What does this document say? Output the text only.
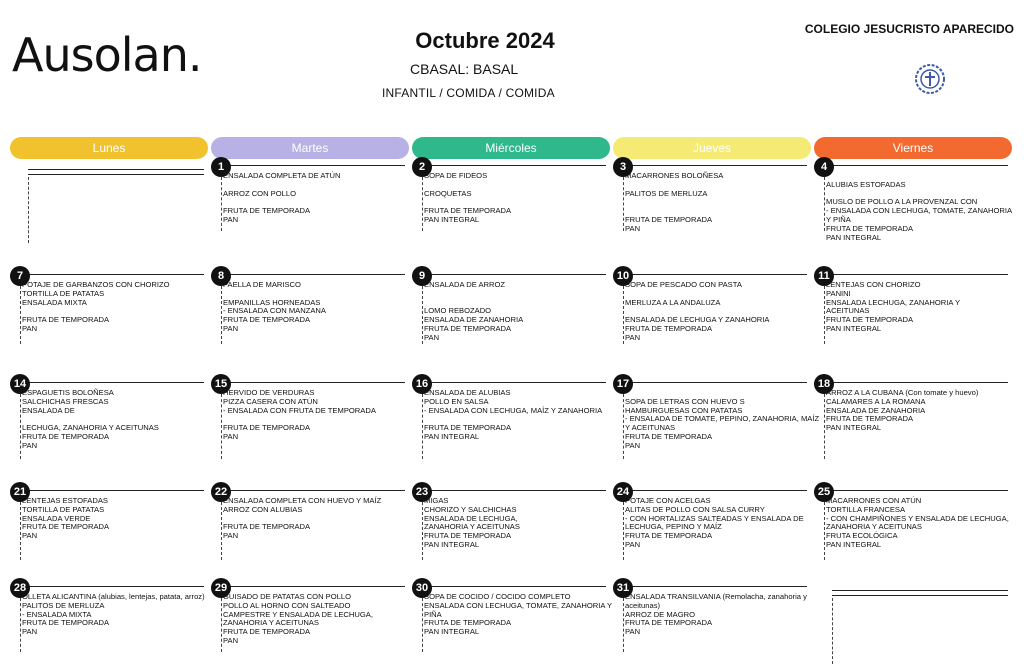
Ausolan.	Octubre 2024
CBASAL: BASAL
INFANTIL / COMIDA / COMIDA
COLEGIO JESUCRISTO APARECIDO
Lunes	Martes	Miércoles	Jueves	Viernes
1
ENSALADA COMPLETA DE ATÚN

ARROZ CON POLLO

FRUTA DE TEMPORADA
PAN
2
SOPA DE FIDEOS

CROQUETAS

FRUTA DE TEMPORADA
PAN INTEGRAL
3
MACARRONES BOLOÑESA

PALITOS DE MERLUZA

FRUTA DE TEMPORADA
PAN
4

ALUBIAS ESTOFADAS

MUSLO DE POLLO A LA PROVENZAL CON
- ENSALADA CON LECHUGA, TOMATE, ZANAHORIA
Y PIÑA
FRUTA DE TEMPORADA
PAN INTEGRAL
7
POTAJE DE GARBANZOS CON CHORIZO
TORTILLA DE PATATAS
ENSALADA MIXTA

FRUTA DE TEMPORADA
PAN
8
PAELLA DE MARISCO

EMPANILLAS HORNEADAS
- ENSALADA CON MANZANA
FRUTA DE TEMPORADA
PAN
9
ENSALADA DE ARROZ

LOMO REBOZADO
ENSALADA DE ZANAHORIA
FRUTA DE TEMPORADA
PAN
10
SOPA DE PESCADO CON PASTA

MERLUZA A LA ANDALUZA

ENSALADA DE LECHUGA Y ZANAHORIA
FRUTA DE TEMPORADA
PAN
11
LENTEJAS CON CHORIZO
PANINI
ENSALADA LECHUGA, ZANAHORIA Y
ACEITUNAS
FRUTA DE TEMPORADA
PAN INTEGRAL
14
ESPAGUETIS BOLOÑESA
SALCHICHAS FRESCAS
ENSALADA DE

LECHUGA, ZANAHORIA Y ACEITUNAS
FRUTA DE TEMPORADA
PAN
15
HERVIDO DE VERDURAS
PIZZA CASERA CON ATÚN
- ENSALADA CON FRUTA DE TEMPORADA

FRUTA DE TEMPORADA
PAN
16
ENSALADA DE ALUBIAS
POLLO EN SALSA
- ENSALADA CON LECHUGA, MAÍZ Y ZANAHORIA

FRUTA DE TEMPORADA
PAN INTEGRAL
17

SOPA DE LETRAS CON HUEVO S
HAMBURGUESAS CON PATATAS
- ENSALADA DE TOMATE, PEPINO, ZANAHORIA, MAÍZ
Y ACEITUNAS
FRUTA DE TEMPORADA
PAN
18
ARROZ A LA CUBANA (Con tomate y huevo)
CALAMARES A LA ROMANA
ENSALADA DE ZANAHORIA
FRUTA DE TEMPORADA
PAN INTEGRAL
21
LENTEJAS ESTOFADAS
TORTILLA DE PATATAS
ENSALADA VERDE
FRUTA DE TEMPORADA
PAN
22
ENSALADA COMPLETA CON HUEVO Y MAÍZ
ARROZ CON ALUBIAS

FRUTA DE TEMPORADA
PAN
23
MIGAS
CHORIZO Y SALCHICHAS
ENSALADA DE LECHUGA,
ZANAHORIA Y ACEITUNAS
FRUTA DE TEMPORADA
PAN INTEGRAL
24
POTAJE CON ACELGAS
ALITAS DE POLLO CON SALSA CURRY
- CON HORTALIZAS SALTEADAS Y ENSALADA DE
LECHUGA, PEPINO Y MAÍZ
FRUTA DE TEMPORADA
PAN
25
MACARRONES CON ATÚN
TORTILLA FRANCESA
- CON CHAMPIÑONES Y ENSALADA DE LECHUGA,
ZANAHORIA Y ACEITUNAS
FRUTA ECOLÓGICA
PAN INTEGRAL
28
OLLETA ALICANTINA (alubias, lentejas, patata, arroz)
PALITOS DE MERLUZA
- ENSALADA MIXTA
FRUTA DE TEMPORADA
PAN
29
GUISADO DE PATATAS CON POLLO
POLLO AL HORNO CON SALTEADO
CAMPESTRE Y ENSALADA DE LECHUGA,
ZANAHORIA Y ACEITUNAS
FRUTA DE TEMPORADA
PAN
30
SOPA DE COCIDO / COCIDO COMPLETO
ENSALADA CON LECHUGA, TOMATE, ZANAHORIA Y
PIÑA
FRUTA DE TEMPORADA
PAN INTEGRAL
31
ENSALADA TRANSILVANIA (Remolacha, zanahoria y
aceitunas)
ARROZ DE MAGRO
FRUTA DE TEMPORADA
PAN
